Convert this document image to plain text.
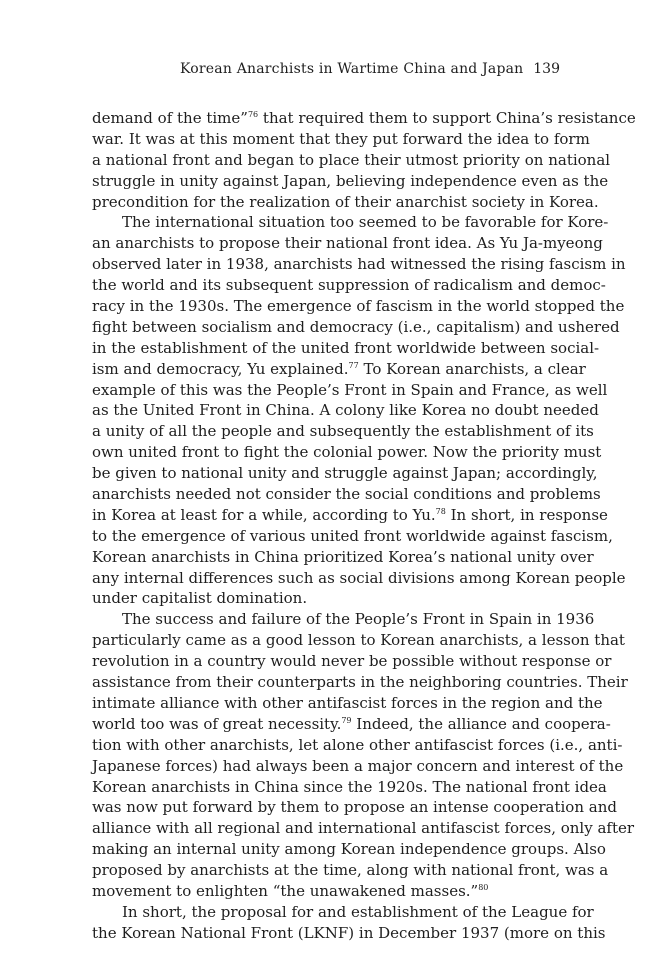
Korean Anarchists in Wartime China and Japan 139
demand of the time”$^{76}$ that required them to support China’s resistance
war. It was at this moment that they put forward the idea to form
a national front and began to place their utmost priority on national
struggle in unity against Japan, believing independence even as the
precondition for the realization of their anarchist society in Korea.
The international situation too seemed to be favorable for Kore-
an anarchists to propose their national front idea. As Yu Ja-myeong
observed later in 1938, anarchists had witnessed the rising fascism in
the world and its subsequent suppression of radicalism and democ-
racy in the 1930s. The emergence of fascism in the world stopped the
fight between socialism and democracy (i.e., capitalism) and ushered
in the establishment of the united front worldwide between social-
ism and democracy, Yu explained.$^{77}$ To Korean anarchists, a clear
example of this was the People’s Front in Spain and France, as well
as the United Front in China. A colony like Korea no doubt needed
a unity of all the people and subsequently the establishment of its
own united front to fight the colonial power. Now the priority must
be given to national unity and struggle against Japan; accordingly,
anarchists needed not consider the social conditions and problems
in Korea at least for a while, according to Yu.$^{78}$ In short, in response
to the emergence of various united front worldwide against fascism,
Korean anarchists in China prioritized Korea’s national unity over
any internal differences such as social divisions among Korean people
under capitalist domination.
The success and failure of the People’s Front in Spain in 1936
particularly came as a good lesson to Korean anarchists, a lesson that
revolution in a country would never be possible without response or
assistance from their counterparts in the neighboring countries. Their
intimate alliance with other antifascist forces in the region and the
world too was of great necessity.$^{79}$ Indeed, the alliance and coopera-
tion with other anarchists, let alone other antifascist forces (i.e., anti-
Japanese forces) had always been a major concern and interest of the
Korean anarchists in China since the 1920s. The national front idea
was now put forward by them to propose an intense cooperation and
alliance with all regional and international antifascist forces, only after
making an internal unity among Korean independence groups. Also
proposed by anarchists at the time, along with national front, was a
movement to enlighten “the unawakened masses.”$^{80}$
In short, the proposal for and establishment of the League for
the Korean National Front (LKNF) in December 1937 (more on this
